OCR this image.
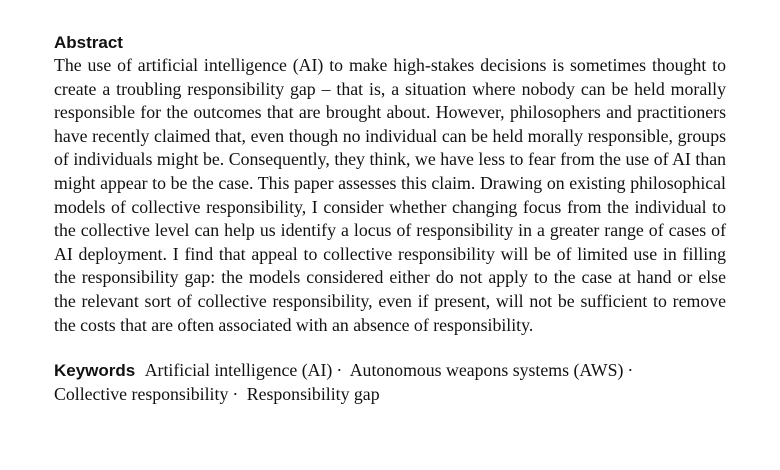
Abstract

The use of artificial intelligence (AI) to make high-stakes decisions is sometimes thought to create a troubling responsibility gap – that is, a situation where nobody can be held morally responsible for the outcomes that are brought about. However, philosophers and practitioners have recently claimed that, even though no individual can be held morally responsible, groups of individuals might be. Consequently, they think, we have less to fear from the use of AI than might appear to be the case. This paper assesses this claim. Drawing on existing philosophical models of collective responsibility, I consider whether changing focus from the individual to the collective level can help us identify a locus of responsibility in a greater range of cases of AI deployment. I find that appeal to collective responsibility will be of limited use in filling the responsibility gap: the models considered either do not apply to the case at hand or else the relevant sort of collective responsibility, even if present, will not be sufficient to remove the costs that are often associated with an absence of responsibility.

Keywords Artificial intelligence (AI) · Autonomous weapons systems (AWS) ·
Collective responsibility · Responsibility gap
